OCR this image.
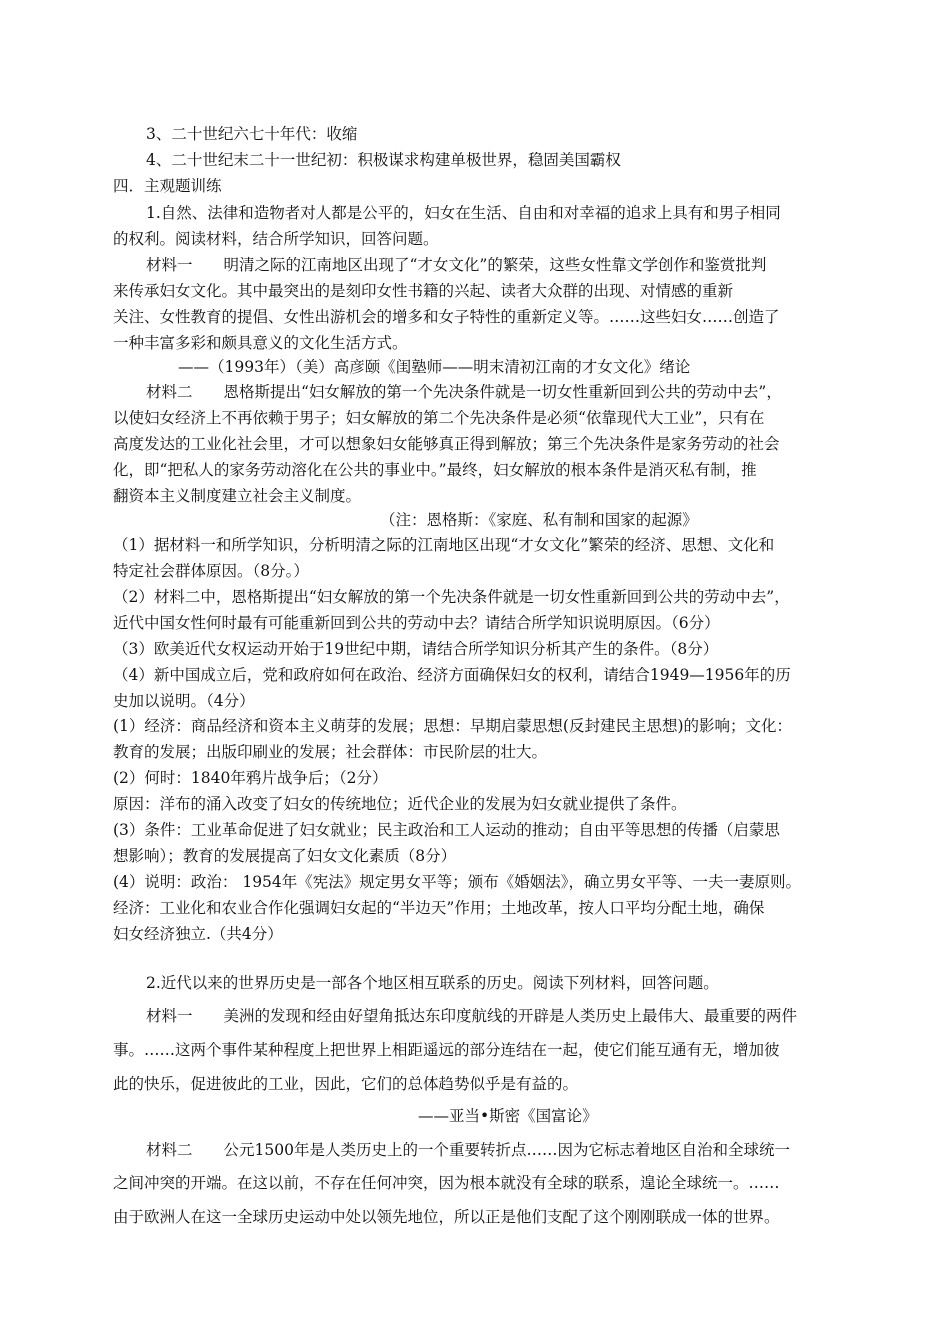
3、二十世纪六七十年代：收缩
4、二十世纪末二十一世纪初：积极谋求构建单极世界，稳固美国霸权
四．主观题训练
1.自然、法律和造物者对人都是公平的，妇女在生活、自由和对幸福的追求上具有和男子相同
的权利。阅读材料，结合所学知识，回答问题。
材料一　　明清之际的江南地区出现了“才女文化”的繁荣，这些女性靠文学创作和鉴赏批判
来传承妇女文化。其中最突出的是刻印女性书籍的兴起、读者大众群的出现、对情感的重新
关注、女性教育的提倡、女性出游机会的增多和女子特性的重新定义等。……这些妇女……创造了
一种丰富多彩和颇具意义的文化生活方式。
——（1993年）（美）高彦颐《闺塾师——明末清初江南的才女文化》绪论
材料二　　恩格斯提出“妇女解放的第一个先决条件就是一切女性重新回到公共的劳动中去”，
以使妇女经济上不再依赖于男子；妇女解放的第二个先决条件是必须“依靠现代大工业”，只有在
高度发达的工业化社会里，才可以想象妇女能够真正得到解放；第三个先决条件是家务劳动的社会
化，即“把私人的家务劳动溶化在公共的事业中。”最终，妇女解放的根本条件是消灭私有制，推
翻资本主义制度建立社会主义制度。
（注：恩格斯：《家庭、私有制和国家的起源》
（1）据材料一和所学知识，分析明清之际的江南地区出现“才女文化”繁荣的经济、思想、文化和
特定社会群体原因。（8分。）
（2）材料二中，恩格斯提出“妇女解放的第一个先决条件就是一切女性重新回到公共的劳动中去”，
近代中国女性何时最有可能重新回到公共的劳动中去？请结合所学知识说明原因。（6分）
（3）欧美近代女权运动开始于19世纪中期，请结合所学知识分析其产生的条件。（8分）
（4）新中国成立后，党和政府如何在政治、经济方面确保妇女的权利，请结合1949—1956年的历
史加以说明。（4分）
(1）经济：商品经济和资本主义萌芽的发展；思想：早期启蒙思想(反封建民主思想)的影响；文化：
教育的发展；出版印刷业的发展；社会群体：市民阶层的壮大。
(2）何时：1840年鸦片战争后；（2分）
原因：洋布的涌入改变了妇女的传统地位；近代企业的发展为妇女就业提供了条件。
(3）条件：工业革命促进了妇女就业；民主政治和工人运动的推动；自由平等思想的传播（启蒙思
想影响）；教育的发展提高了妇女文化素质（8分）
(4）说明：政治： 1954年《宪法》规定男女平等；颁布《婚姻法》，确立男女平等、一夫一妻原则。
经济：工业化和农业合作化强调妇女起的“半边天”作用；土地改革，按人口平均分配土地，确保
妇女经济独立.（共4分）
2.近代以来的世界历史是一部各个地区相互联系的历史。阅读下列材料，回答问题。
材料一　　美洲的发现和经由好望角抵达东印度航线的开辟是人类历史上最伟大、最重要的两件
事。……这两个事件某种程度上把世界上相距遥远的部分连结在一起，使它们能互通有无，增加彼
此的快乐，促进彼此的工业，因此，它们的总体趋势似乎是有益的。
——亚当•斯密《国富论》
材料二　　公元1500年是人类历史上的一个重要转折点……因为它标志着地区自治和全球统一
之间冲突的开端。在这以前，不存在任何冲突，因为根本就没有全球的联系，遑论全球统一。……
由于欧洲人在这一全球历史运动中处以领先地位，所以正是他们支配了这个刚刚联成一体的世界。
